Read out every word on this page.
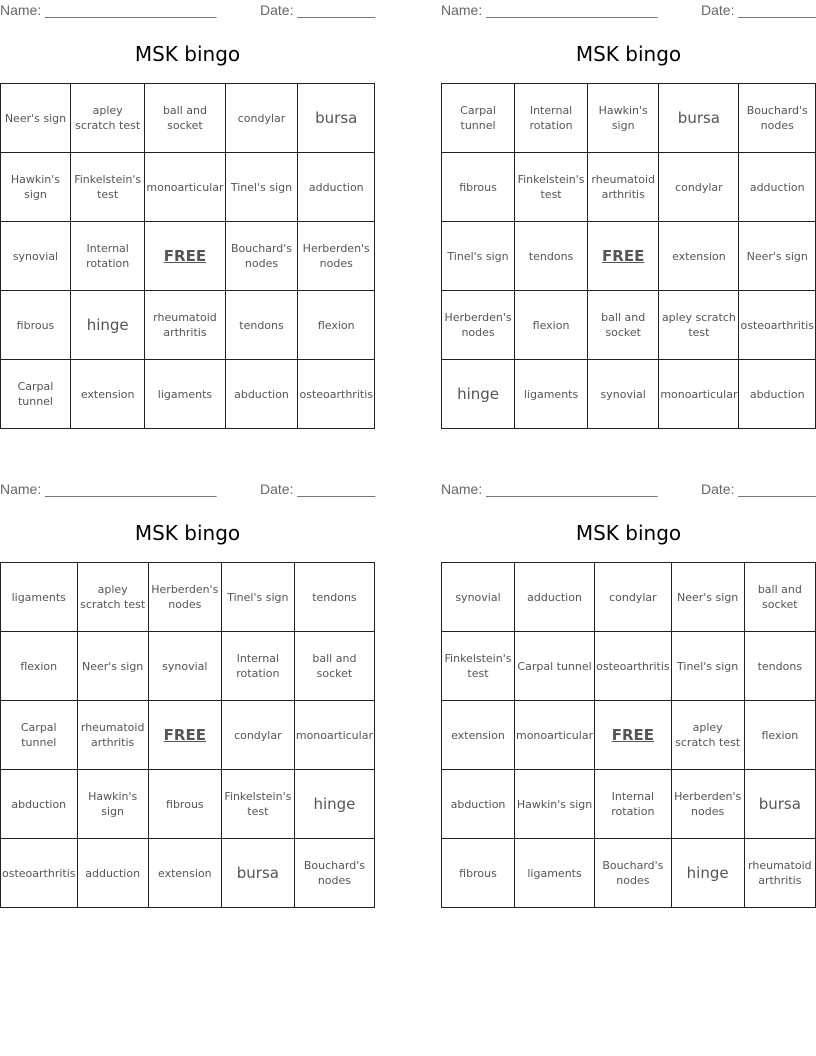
Name: ______________________	Date: __________
MSK bingo
Neer's sign	apley scratch test	ball and socket	condylar	bursa
Hawkin's sign	Finkelstein's test	monoarticular	Tinel's sign	adduction
synovial	Internal rotation	FREE	Bouchard's nodes	Herberden's nodes
fibrous	hinge	rheumatoid arthritis	tendons	flexion
Carpal tunnel	extension	ligaments	abduction	osteoarthritis
Name: ______________________	Date: __________
MSK bingo
Carpal tunnel	Internal rotation	Hawkin's sign	bursa	Bouchard's nodes
fibrous	Finkelstein's test	rheumatoid arthritis	condylar	adduction
Tinel's sign	tendons	FREE	extension	Neer's sign
Herberden's nodes	flexion	ball and socket	apley scratch test	osteoarthritis
hinge	ligaments	synovial	monoarticular	abduction
Name: ______________________	Date: __________
MSK bingo
ligaments	apley scratch test	Herberden's nodes	Tinel's sign	tendons
flexion	Neer's sign	synovial	Internal rotation	ball and socket
Carpal tunnel	rheumatoid arthritis	FREE	condylar	monoarticular
abduction	Hawkin's sign	fibrous	Finkelstein's test	hinge
osteoarthritis	adduction	extension	bursa	Bouchard's nodes
Name: ______________________	Date: __________
MSK bingo
synovial	adduction	condylar	Neer's sign	ball and socket
Finkelstein's test	Carpal tunnel	osteoarthritis	Tinel's sign	tendons
extension	monoarticular	FREE	apley scratch test	flexion
abduction	Hawkin's sign	Internal rotation	Herberden's nodes	bursa
fibrous	ligaments	Bouchard's nodes	hinge	rheumatoid arthritis
